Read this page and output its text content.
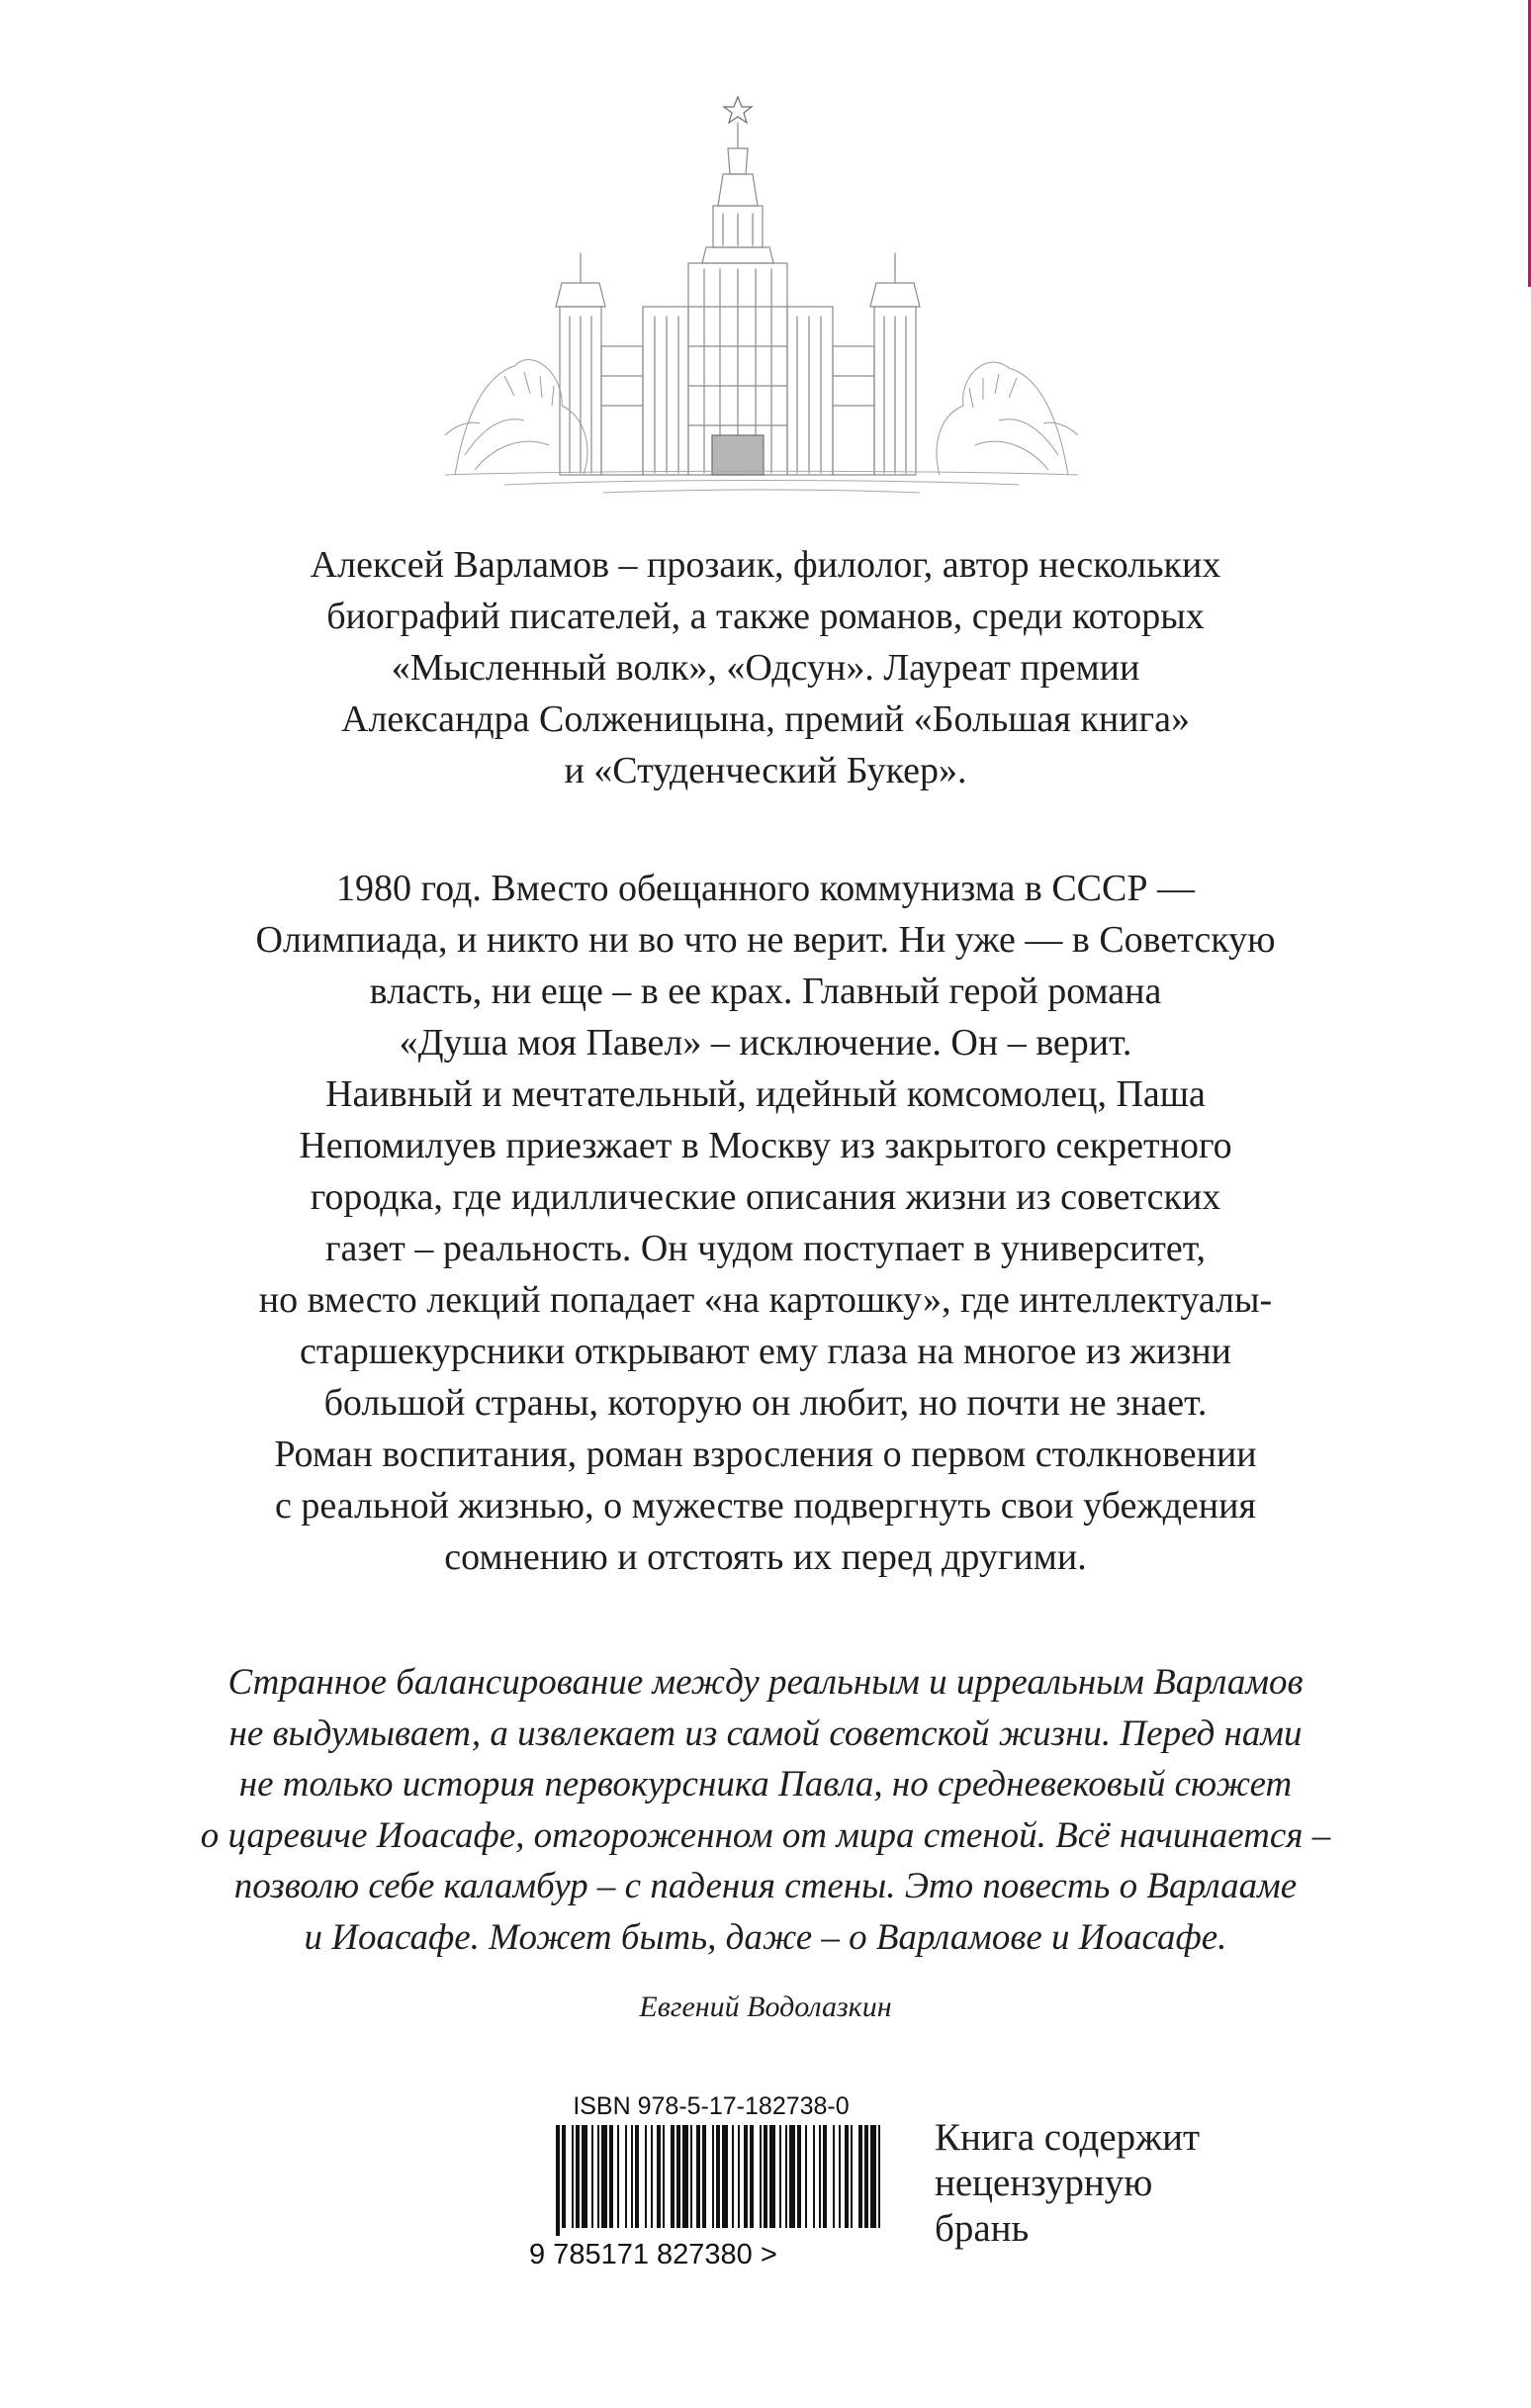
Алексей Варламов – прозаик, филолог, автор нескольких

биографий писателей, а также романов, среди которых

«Мысленный волк», «Одсун». Лауреат премии

Александра Солженицына, премий «Большая книга»

и «Студенческий Букер».

1980 год. Вместо обещанного коммунизма в СССР —

Олимпиада, и никто ни во что не верит. Ни уже — в Советскую

власть, ни еще – в ее крах. Главный герой романа

«Душа моя Павел» – исключение. Он – верит.

Наивный и мечтательный, идейный комсомолец, Паша

Непомилуев приезжает в Москву из закрытого секретного

городка, где идиллические описания жизни из советских

газет – реальность. Он чудом поступает в университет,

но вместо лекций попадает «на картошку», где интеллектуалы-

старшекурсники открывают ему глаза на многое из жизни

большой страны, которую он любит, но почти не знает.

Роман воспитания, роман взросления о первом столкновении

с реальной жизнью, о мужестве подвергнуть свои убеждения

сомнению и отстоять их перед другими.

Странное балансирование между реальным и ирреальным Варламов

не выдумывает, а извлекает из самой советской жизни. Перед нами

не только история первокурсника Павла, но средневековый сюжет

о царевиче Иоасафе, отгороженном от мира стеной. Всё начинается –

позволю себе каламбур – с падения стены. Это повесть о Варлааме

и Иоасафе. Может быть, даже – о Варламове и Иоасафе.

Евгений Водолазкин
ISBN 978-5-17-182738-0
9 785171 827380 >
Книга содержит
нецензурную
брань
